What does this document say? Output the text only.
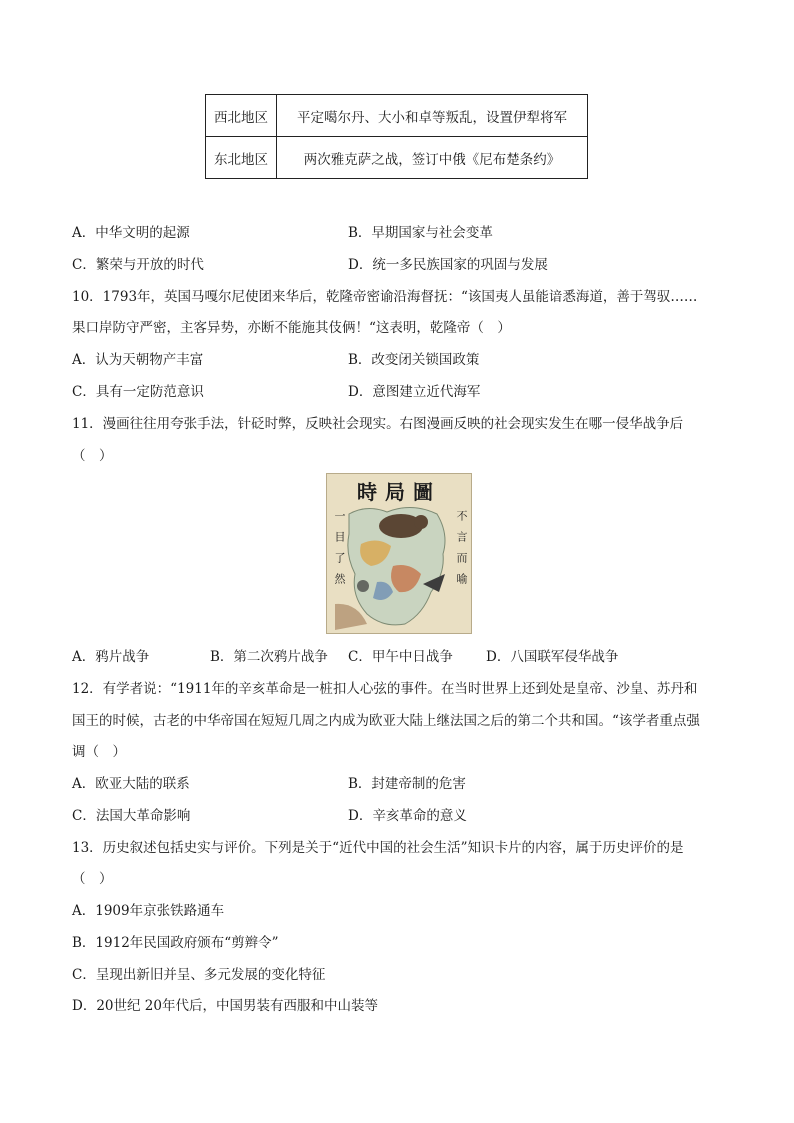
西北地区	平定噶尔丹、大小和卓等叛乱，设置伊犁将军
东北地区	两次雅克萨之战，签订中俄《尼布楚条约》
A．中华文明的起源	B．早期国家与社会变革
C．繁荣与开放的时代	D．统一多民族国家的巩固与发展
10．1793年，英国马嘎尔尼使团来华后，乾隆帝密谕沿海督抚：“该国夷人虽能谙悉海道，善于驾驭……
果口岸防守严密，主客异势，亦断不能施其伎俩！“这表明，乾隆帝（　）
A．认为天朝物产丰富	B．改变闭关锁国政策
C．具有一定防范意识	D．意图建立近代海军
11．漫画往往用夸张手法，针砭时弊，反映社会现实。右图漫画反映的社会现实发生在哪一侵华战争后
（　）
時局圖
一目了然	不言而喻
A．鸦片战争	B．第二次鸦片战争 C．甲午中日战争 D．八国联军侵华战争
12．有学者说：“1911年的辛亥革命是一桩扣人心弦的事件。在当时世界上还到处是皇帝、沙皇、苏丹和
国王的时候，古老的中华帝国在短短几周之内成为欧亚大陆上继法国之后的第二个共和国。“该学者重点强
调（　）
A．欧亚大陆的联系	B．封建帝制的危害
C．法国大革命影响	D．辛亥革命的意义
13．历史叙述包括史实与评价。下列是关于“近代中国的社会生活”知识卡片的内容，属于历史评价的是
（　）
A．1909年京张铁路通车
B．1912年民国政府颁布“剪辫令”
C．呈现出新旧并呈、多元发展的变化特征
D．20世纪 20年代后，中国男装有西服和中山装等
